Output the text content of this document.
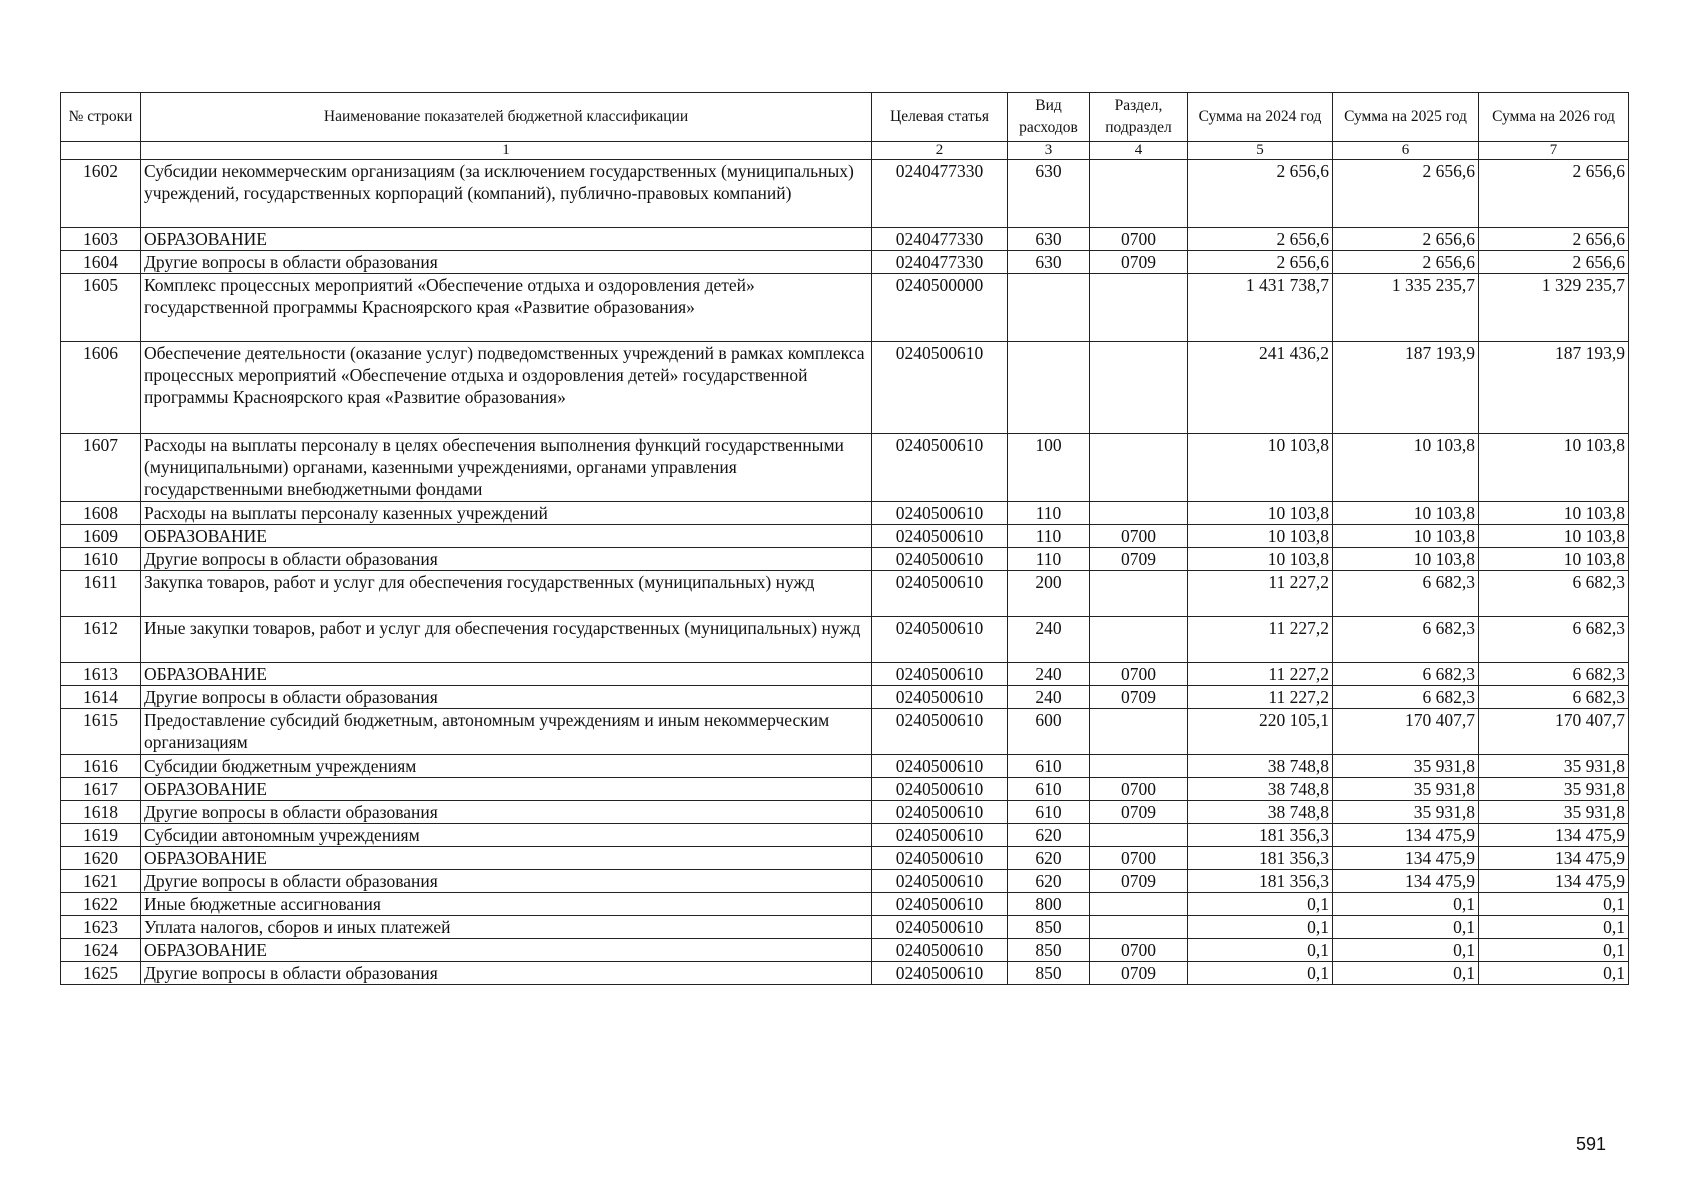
№ строки	Наименование показателей бюджетной классификации	Целевая статья	Вид расходов	Раздел, подраздел	Сумма на 2024 год	Сумма на 2025 год	Сумма на 2026 год
	1	2	3	4	5	6	7
1602	Субсидии некоммерческим организациям (за исключением государственных (муниципальных) учреждений, государственных корпораций (компаний), публично-правовых компаний)	0240477330	630		2 656,6	2 656,6	2 656,6
1603	ОБРАЗОВАНИЕ	0240477330	630	0700	2 656,6	2 656,6	2 656,6
1604	Другие вопросы в области образования	0240477330	630	0709	2 656,6	2 656,6	2 656,6
1605	Комплекс процессных мероприятий «Обеспечение отдыха и оздоровления детей» государственной программы Красноярского края «Развитие образования»	0240500000			1 431 738,7	1 335 235,7	1 329 235,7
1606	Обеспечение деятельности (оказание услуг) подведомственных учреждений в рамках комплекса процессных мероприятий «Обеспечение отдыха и оздоровления детей» государственной программы Красноярского края «Развитие образования»	0240500610			241 436,2	187 193,9	187 193,9
1607	Расходы на выплаты персоналу в целях обеспечения выполнения функций государственными (муниципальными) органами, казенными учреждениями, органами управления государственными внебюджетными фондами	0240500610	100		10 103,8	10 103,8	10 103,8
1608	Расходы на выплаты персоналу казенных учреждений	0240500610	110		10 103,8	10 103,8	10 103,8
1609	ОБРАЗОВАНИЕ	0240500610	110	0700	10 103,8	10 103,8	10 103,8
1610	Другие вопросы в области образования	0240500610	110	0709	10 103,8	10 103,8	10 103,8
1611	Закупка товаров, работ и услуг для обеспечения государственных (муниципальных) нужд	0240500610	200		11 227,2	6 682,3	6 682,3
1612	Иные закупки товаров, работ и услуг для обеспечения государственных (муниципальных) нужд	0240500610	240		11 227,2	6 682,3	6 682,3
1613	ОБРАЗОВАНИЕ	0240500610	240	0700	11 227,2	6 682,3	6 682,3
1614	Другие вопросы в области образования	0240500610	240	0709	11 227,2	6 682,3	6 682,3
1615	Предоставление субсидий бюджетным, автономным учреждениям и иным некоммерческим организациям	0240500610	600		220 105,1	170 407,7	170 407,7
1616	Субсидии бюджетным учреждениям	0240500610	610		38 748,8	35 931,8	35 931,8
1617	ОБРАЗОВАНИЕ	0240500610	610	0700	38 748,8	35 931,8	35 931,8
1618	Другие вопросы в области образования	0240500610	610	0709	38 748,8	35 931,8	35 931,8
1619	Субсидии автономным учреждениям	0240500610	620		181 356,3	134 475,9	134 475,9
1620	ОБРАЗОВАНИЕ	0240500610	620	0700	181 356,3	134 475,9	134 475,9
1621	Другие вопросы в области образования	0240500610	620	0709	181 356,3	134 475,9	134 475,9
1622	Иные бюджетные ассигнования	0240500610	800		0,1	0,1	0,1
1623	Уплата налогов, сборов и иных платежей	0240500610	850		0,1	0,1	0,1
1624	ОБРАЗОВАНИЕ	0240500610	850	0700	0,1	0,1	0,1
1625	Другие вопросы в области образования	0240500610	850	0709	0,1	0,1	0,1
591
